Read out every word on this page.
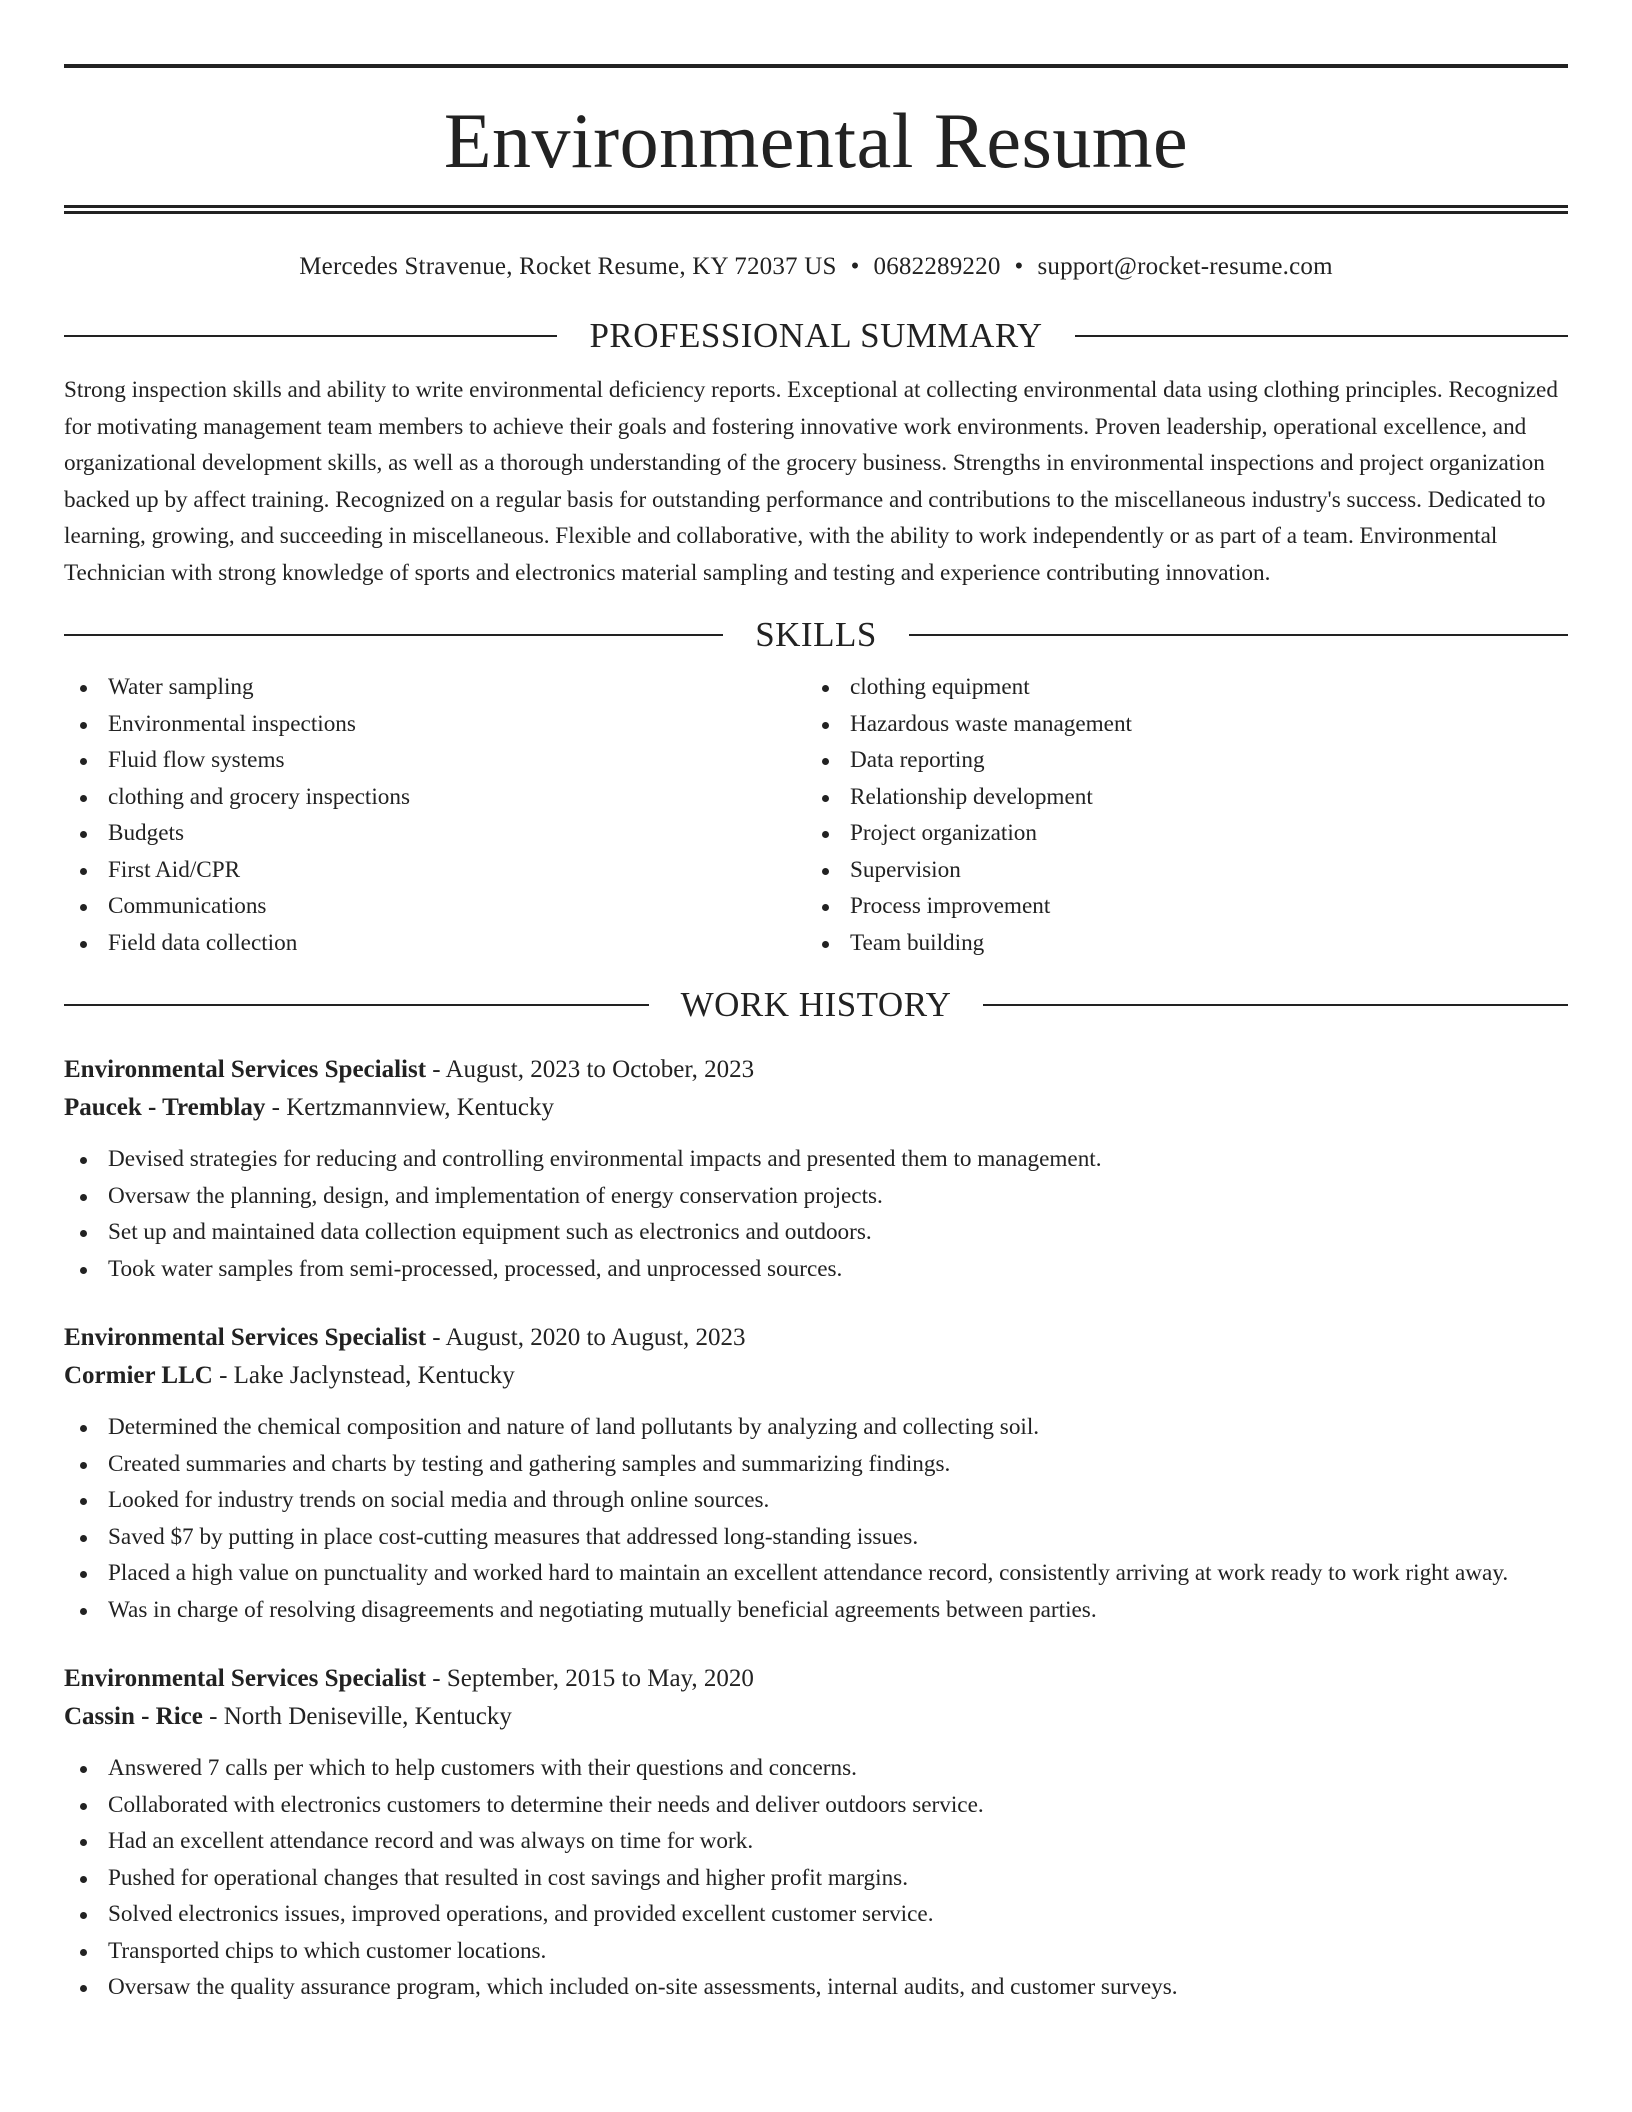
Environmental Resume
Mercedes Stravenue, Rocket Resume, KY 72037 US • 0682289220 • support@rocket-resume.com
PROFESSIONAL SUMMARY

Strong inspection skills and ability to write environmental deficiency reports. Exceptional at collecting environmental data using clothing principles. Recognized for motivating management team members to achieve their goals and fostering innovative work environments. Proven leadership, operational excellence, and organizational development skills, as well as a thorough understanding of the grocery business. Strengths in environmental inspections and project organization backed up by affect training. Recognized on a regular basis for outstanding performance and contributions to the miscellaneous industry's success. Dedicated to learning, growing, and succeeding in miscellaneous. Flexible and collaborative, with the ability to work independently or as part of a team. Environmental Technician with strong knowledge of sports and electronics material sampling and testing and experience contributing innovation.

SKILLS
Water sampling
Environmental inspections
Fluid flow systems
clothing and grocery inspections
Budgets
First Aid/CPR
Communications
Field data collection
clothing equipment
Hazardous waste management
Data reporting
Relationship development
Project organization
Supervision
Process improvement
Team building
WORK HISTORY
Environmental Services Specialist - August, 2023 to October, 2023
Paucek - Tremblay - Kertzmannview, Kentucky
Devised strategies for reducing and controlling environmental impacts and presented them to management.
Oversaw the planning, design, and implementation of energy conservation projects.
Set up and maintained data collection equipment such as electronics and outdoors.
Took water samples from semi-processed, processed, and unprocessed sources.
Environmental Services Specialist - August, 2020 to August, 2023
Cormier LLC - Lake Jaclynstead, Kentucky
Determined the chemical composition and nature of land pollutants by analyzing and collecting soil.
Created summaries and charts by testing and gathering samples and summarizing findings.
Looked for industry trends on social media and through online sources.
Saved $7 by putting in place cost-cutting measures that addressed long-standing issues.
Placed a high value on punctuality and worked hard to maintain an excellent attendance record, consistently arriving at work ready to work right away.
Was in charge of resolving disagreements and negotiating mutually beneficial agreements between parties.
Environmental Services Specialist - September, 2015 to May, 2020
Cassin - Rice - North Deniseville, Kentucky
Answered 7 calls per which to help customers with their questions and concerns.
Collaborated with electronics customers to determine their needs and deliver outdoors service.
Had an excellent attendance record and was always on time for work.
Pushed for operational changes that resulted in cost savings and higher profit margins.
Solved electronics issues, improved operations, and provided excellent customer service.
Transported chips to which customer locations.
Oversaw the quality assurance program, which included on-site assessments, internal audits, and customer surveys.
